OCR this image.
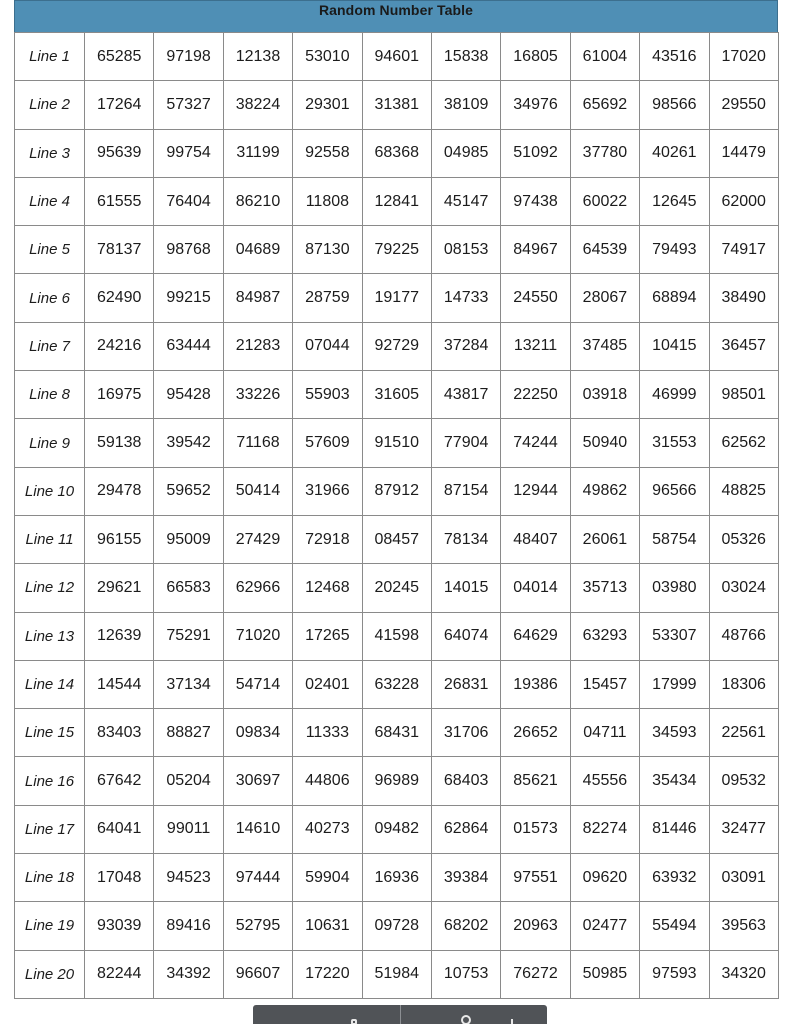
Random Number Table
Line 1	65285	97198	12138	53010	94601	15838	16805	61004	43516	17020
Line 2	17264	57327	38224	29301	31381	38109	34976	65692	98566	29550
Line 3	95639	99754	31199	92558	68368	04985	51092	37780	40261	14479
Line 4	61555	76404	86210	11808	12841	45147	97438	60022	12645	62000
Line 5	78137	98768	04689	87130	79225	08153	84967	64539	79493	74917
Line 6	62490	99215	84987	28759	19177	14733	24550	28067	68894	38490
Line 7	24216	63444	21283	07044	92729	37284	13211	37485	10415	36457
Line 8	16975	95428	33226	55903	31605	43817	22250	03918	46999	98501
Line 9	59138	39542	71168	57609	91510	77904	74244	50940	31553	62562
Line 10	29478	59652	50414	31966	87912	87154	12944	49862	96566	48825
Line 11	96155	95009	27429	72918	08457	78134	48407	26061	58754	05326
Line 12	29621	66583	62966	12468	20245	14015	04014	35713	03980	03024
Line 13	12639	75291	71020	17265	41598	64074	64629	63293	53307	48766
Line 14	14544	37134	54714	02401	63228	26831	19386	15457	17999	18306
Line 15	83403	88827	09834	11333	68431	31706	26652	04711	34593	22561
Line 16	67642	05204	30697	44806	96989	68403	85621	45556	35434	09532
Line 17	64041	99011	14610	40273	09482	62864	01573	82274	81446	32477
Line 18	17048	94523	97444	59904	16936	39384	97551	09620	63932	03091
Line 19	93039	89416	52795	10631	09728	68202	20963	02477	55494	39563
Line 20	82244	34392	96607	17220	51984	10753	76272	50985	97593	34320
